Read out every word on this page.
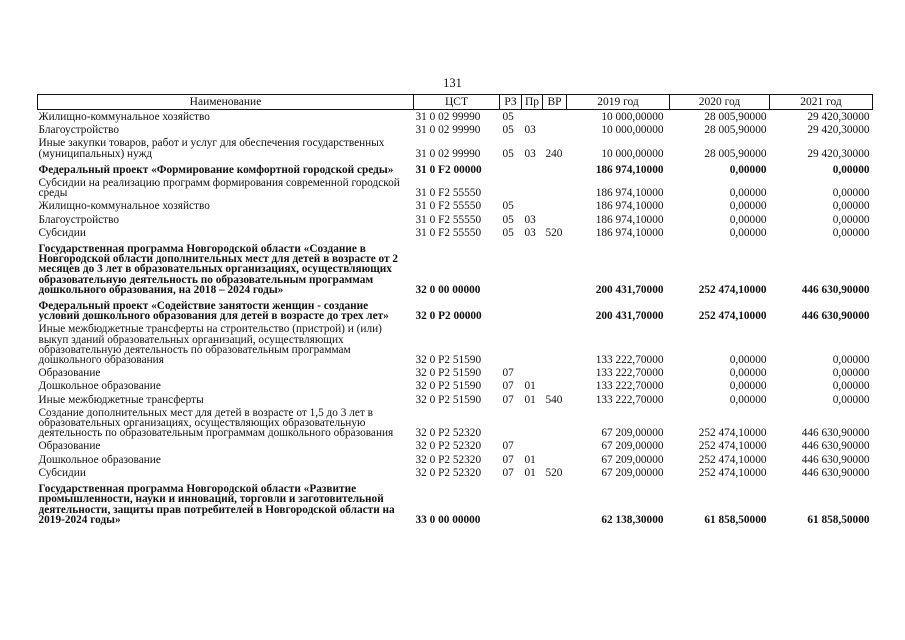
131
Наименование	ЦСТ	РЗ	Пр	ВР	2019 год	2020 год	2021 год
Жилищно-коммунальное хозяйство	31 0 02 99990	05			10 000,00000	28 005,90000	29 420,30000
Благоустройство	31 0 02 99990	05	03		10 000,00000	28 005,90000	29 420,30000
Иные закупки товаров, работ и услуг для обеспечения государственных (муниципальных) нужд	31 0 02 99990	05	03	240	10 000,00000	28 005,90000	29 420,30000
Федеральный проект «Формирование комфортной городской среды»	31 0 F2 00000				186 974,10000	0,00000	0,00000
Субсидии на реализацию программ формирования современной городской среды	31 0 F2 55550				186 974,10000	0,00000	0,00000
Жилищно-коммунальное хозяйство	31 0 F2 55550	05			186 974,10000	0,00000	0,00000
Благоустройство	31 0 F2 55550	05	03		186 974,10000	0,00000	0,00000
Субсидии	31 0 F2 55550	05	03	520	186 974,10000	0,00000	0,00000
Государственная программа Новгородской области «Создание в Новгородской области дополнительных мест для детей в возрасте от 2 месяцев до 3 лет в образовательных организациях, осуществляющих образовательную деятельность по образовательным программам дошкольного образования, на 2018 – 2024 годы»	32 0 00 00000				200 431,70000	252 474,10000	446 630,90000
Федеральный проект «Содействие занятости женщин - создание условий дошкольного образования для детей в возрасте до трех лет»	32 0 P2 00000				200 431,70000	252 474,10000	446 630,90000
Иные межбюджетные трансферты на строительство (пристрой) и (или) выкуп зданий образовательных организаций, осуществляющих образовательную деятельность по образовательным программам дошкольного образования	32 0 P2 51590				133 222,70000	0,00000	0,00000
Образование	32 0 P2 51590	07			133 222,70000	0,00000	0,00000
Дошкольное образование	32 0 P2 51590	07	01		133 222,70000	0,00000	0,00000
Иные межбюджетные трансферты	32 0 P2 51590	07	01	540	133 222,70000	0,00000	0,00000
Создание дополнительных мест для детей в возрасте от 1,5 до 3 лет в образовательных организациях, осуществляющих образовательную деятельность по образовательным программам дошкольного образования	32 0 P2 52320				67 209,00000	252 474,10000	446 630,90000
Образование	32 0 P2 52320	07			67 209,00000	252 474,10000	446 630,90000
Дошкольное образование	32 0 P2 52320	07	01		67 209,00000	252 474,10000	446 630,90000
Субсидии	32 0 P2 52320	07	01	520	67 209,00000	252 474,10000	446 630,90000
Государственная программа Новгородской области «Развитие промышленности, науки и инноваций, торговли и заготовительной деятельности, защиты прав потребителей в Новгородской области на 2019-2024 годы»	33 0 00 00000				62 138,30000	61 858,50000	61 858,50000
